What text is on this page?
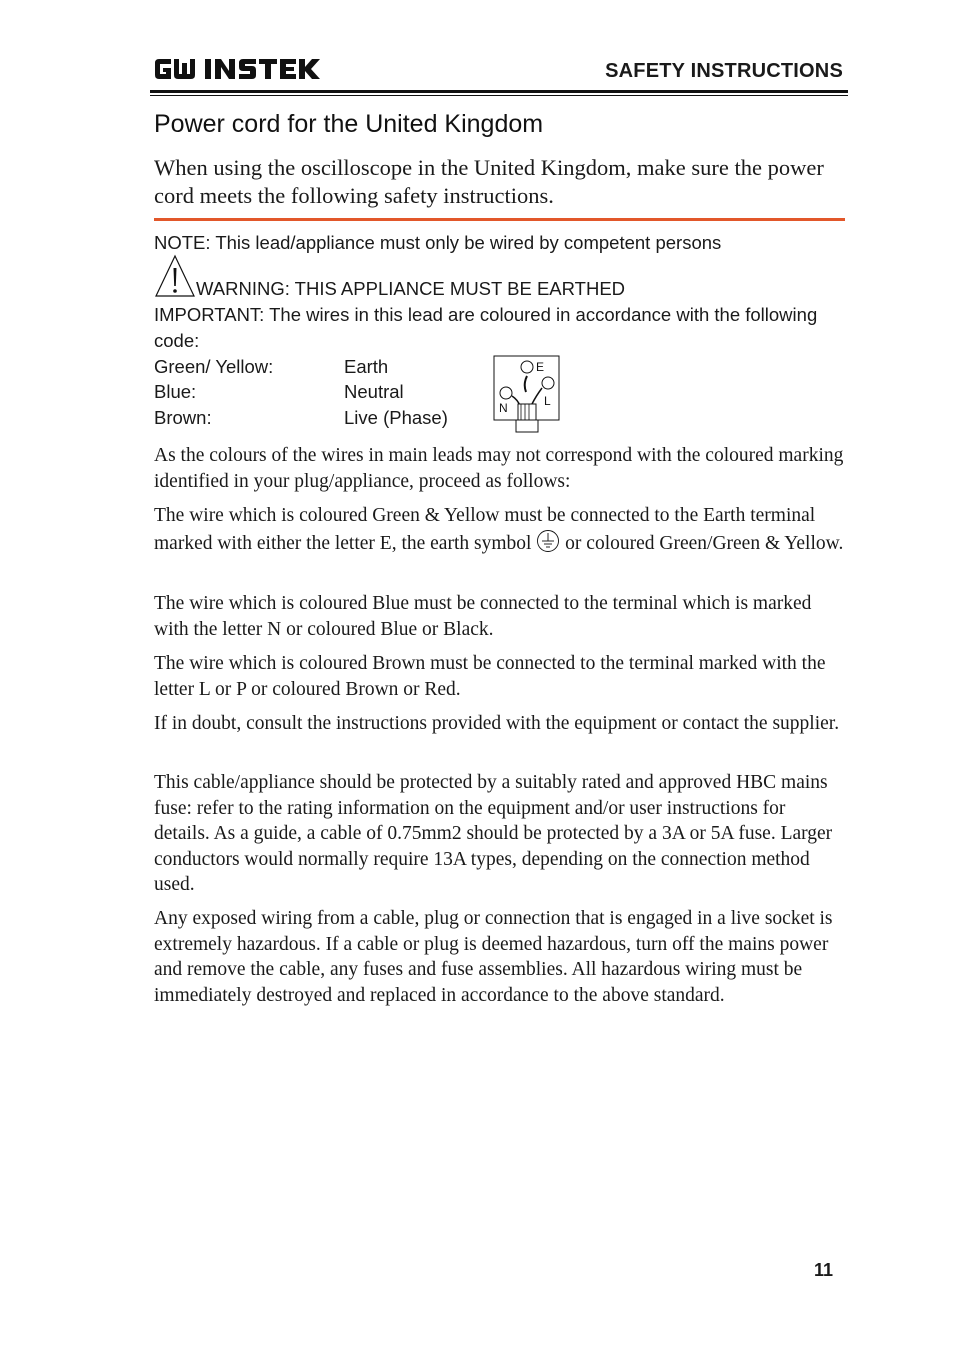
SAFETY INSTRUCTIONS
Power cord for the United Kingdom
When using the oscilloscope in the United Kingdom, make sure the power cord meets the following safety instructions.
NOTE: This lead/appliance must only be wired by competent persons
WARNING: THIS APPLIANCE MUST BE EARTHED
IMPORTANT: The wires in this lead are coloured in accordance with the following code:
Green/ Yellow:	Earth
Blue:	Neutral
Brown:	Live (Phase)
E
N	L
As the colours of the wires in main leads may not correspond with the coloured marking identified in your plug/appliance, proceed as follows:
The wire which is coloured Green & Yellow must be connected to the Earth terminal marked with either the letter E, the earth symbol  or coloured Green/Green & Yellow.
The wire which is coloured Blue must be connected to the terminal which is marked with the letter N or coloured Blue or Black.
The wire which is coloured Brown must be connected to the terminal marked with the letter L or P or coloured Brown or Red.
If in doubt, consult the instructions provided with the equipment or contact the supplier.
This cable/appliance should be protected by a suitably rated and approved HBC mains fuse: refer to the rating information on the equipment and/or user instructions for details. As a guide, a cable of 0.75mm2 should be protected by a 3A or 5A fuse. Larger conductors would normally require 13A types, depending on the connection method used.
Any exposed wiring from a cable, plug or connection that is engaged in a live socket is extremely hazardous. If a cable or plug is deemed hazardous, turn off the mains power and remove the cable, any fuses and fuse assemblies. All hazardous wiring must be immediately destroyed and replaced in accordance to the above standard.
11
